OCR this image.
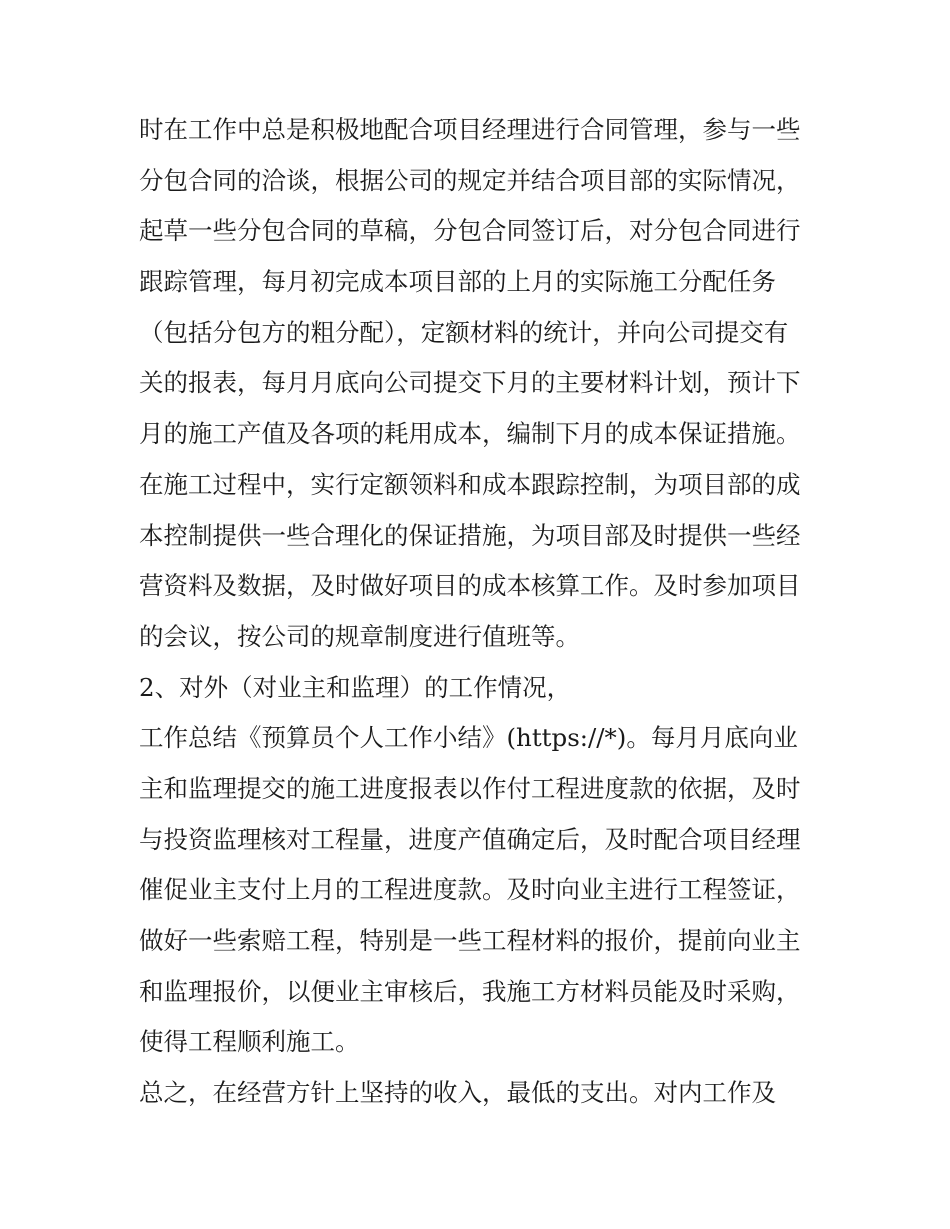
时在工作中总是积极地配合项目经理进行合同管理，参与一些
分包合同的洽谈，根据公司的规定并结合项目部的实际情况，
起草一些分包合同的草稿，分包合同签订后，对分包合同进行
跟踪管理，每月初完成本项目部的上月的实际施工分配任务
（包括分包方的粗分配），定额材料的统计，并向公司提交有
关的报表，每月月底向公司提交下月的主要材料计划，预计下
月的施工产值及各项的耗用成本，编制下月的成本保证措施。
在施工过程中，实行定额领料和成本跟踪控制，为项目部的成
本控制提供一些合理化的保证措施，为项目部及时提供一些经
营资料及数据，及时做好项目的成本核算工作。及时参加项目
的会议，按公司的规章制度进行值班等。
2、对外（对业主和监理）的工作情况，
工作总结《预算员个人工作小结》(https://*)。每月月底向业
主和监理提交的施工进度报表以作付工程进度款的依据，及时
与投资监理核对工程量，进度产值确定后，及时配合项目经理
催促业主支付上月的工程进度款。及时向业主进行工程签证，
做好一些索赔工程，特别是一些工程材料的报价，提前向业主
和监理报价，以便业主审核后，我施工方材料员能及时采购，
使得工程顺利施工。
总之，在经营方针上坚持的收入，最低的支出。对内工作及
